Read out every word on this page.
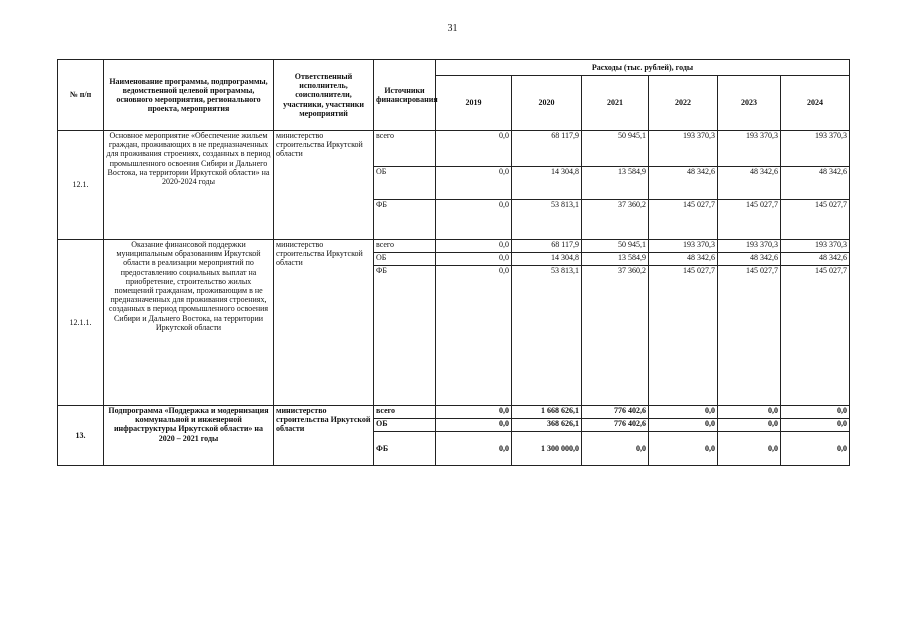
31
№ п/п	Наименование программы, подпрограммы, ведомственной целевой программы, основного мероприятия, регионального проекта, мероприятия	Ответственный исполнитель, соисполнители, участники, участники мероприятий	Источники финансирования	Расходы (тыс. рублей), годы					
				2019	2020	2021	2022	2023	2024
12.1.	Основное мероприятие «Обеспечение жильем граждан, проживающих в не предназначенных для проживания строениях, созданных в период промышленного освоения Сибири и Дальнего Востока, на территории Иркутской области» на 2020-2024 годы	министерство строительства Иркутской области	всего	0,0	68 117,9	50 945,1	193 370,3	193 370,3	193 370,3
			ОБ	0,0	14 304,8	13 584,9	48 342,6	48 342,6	48 342,6
			ФБ	0,0	53 813,1	37 360,2	145 027,7	145 027,7	145 027,7
12.1.1.	Оказание финансовой поддержки муниципальным образованиям Иркутской области в реализации мероприятий по предоставлению социальных выплат на приобретение, строительство жилых помещений гражданам, проживающим в не предназначенных для проживания строениях, созданных в период промышленного освоения Сибири и Дальнего Востока, на территории Иркутской области	министерство строительства Иркутской области	всего	0,0	68 117,9	50 945,1	193 370,3	193 370,3	193 370,3
			ОБ	0,0	14 304,8	13 584,9	48 342,6	48 342,6	48 342,6
			ФБ	0,0	53 813,1	37 360,2	145 027,7	145 027,7	145 027,7
13.	Подпрограмма «Поддержка и модернизация коммунальной и инженерной инфраструктуры Иркутской области» на 2020 – 2021 годы	министерство строительства Иркутской области	всего	0,0	1 668 626,1	776 402,6	0,0	0,0	0,0
			ОБ	0,0	368 626,1	776 402,6	0,0	0,0	0,0
			ФБ	0,0	1 300 000,0	0,0	0,0	0,0	0,0
